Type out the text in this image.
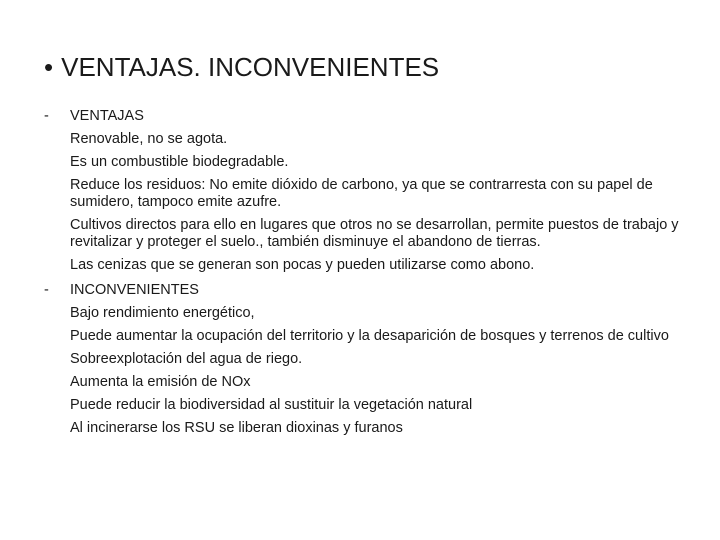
• VENTAJAS. INCONVENIENTES
- VENTAJAS
Renovable, no se agota.
Es un combustible biodegradable.
Reduce los residuos: No emite dióxido de carbono, ya que se contrarresta con su papel de sumidero, tampoco emite azufre.
Cultivos directos para ello en lugares que otros no se desarrollan, permite puestos de trabajo y revitalizar y proteger el suelo., también disminuye el abandono de tierras.
Las cenizas que se generan son pocas y pueden utilizarse como abono.
- INCONVENIENTES
Bajo rendimiento energético,
Puede aumentar la ocupación del territorio y la desaparición de bosques y terrenos de cultivo
Sobreexplotación del agua de riego.
Aumenta la emisión de NOx
Puede reducir la biodiversidad al sustituir la vegetación natural
Al incinerarse los RSU se liberan dioxinas y furanos
